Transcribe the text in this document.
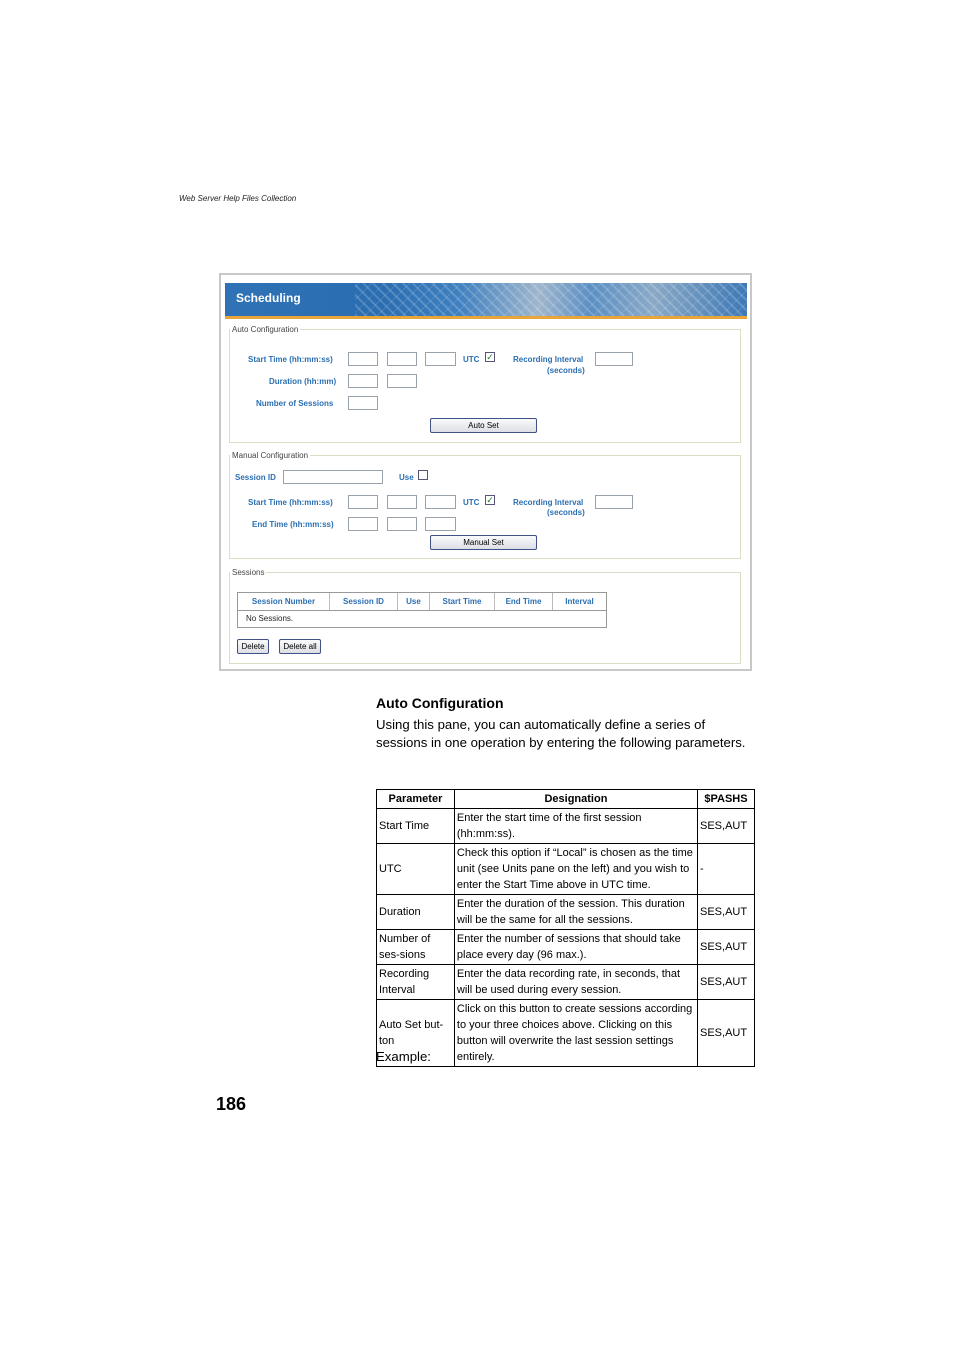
Web Server Help Files Collection
Scheduling
Auto Configuration
Start Time (hh:mm:ss)	UTC ✓ Recording Interval
(seconds)
Duration (hh:mm)
Number of Sessions
Auto Set
Manual Configuration
Session ID	Use
Start Time (hh:mm:ss)	UTC ✓ Recording Interval
(seconds)
End Time (hh:mm:ss)
Manual Set
Sessions
Session Number	Session ID	Use	Start Time	End Time	Interval
No Sessions.
Delete	Delete all
Auto Configuration
Using this pane, you can automatically define a series of sessions in one operation by entering the following parameters.
Parameter	Designation	$PASHS
Start Time	Enter the start time of the first session (hh:mm:ss).	SES,AUT
UTC	Check this option if “Local” is chosen as the time unit (see Units pane on the left) and you wish to enter the Start Time above in UTC time.	-
Duration	Enter the duration of the session. This duration will be the same for all the sessions.	SES,AUT
Number of ses-sions	Enter the number of sessions that should take place every day (96 max.).	SES,AUT
Recording Interval	Enter the data recording rate, in seconds, that will be used during every session.	SES,AUT
Auto Set but-ton	Click on this button to create sessions according to your three choices above. Clicking on this button will overwrite the last session settings entirely.	SES,AUT
Example:
186
